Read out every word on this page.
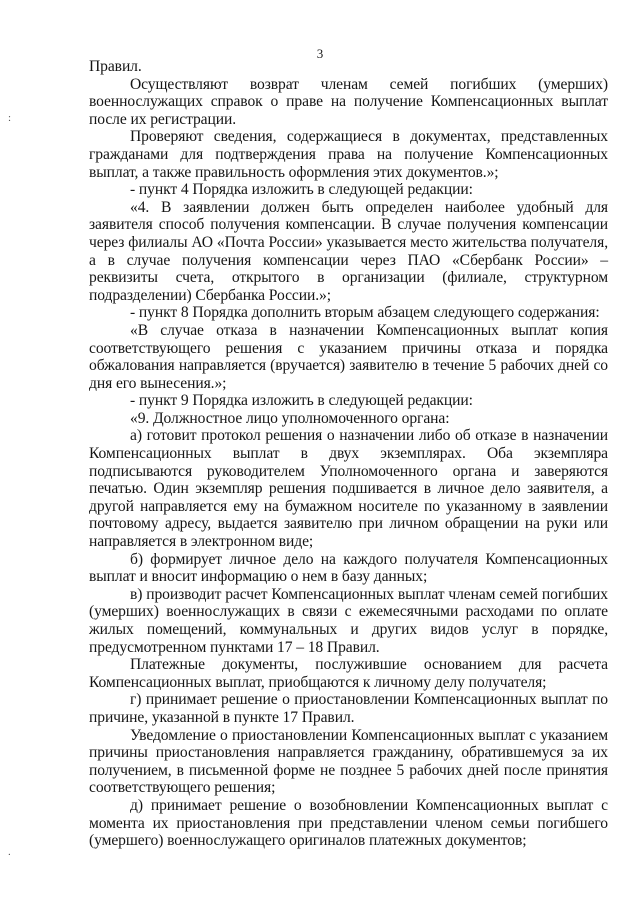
3
:
.

Правил.

Осуществляют возврат членам семей погибших (умерших) военнослужащих справок о праве на получение Компенсационных выплат после их регистрации.

Проверяют сведения, содержащиеся в документах, представленных гражданами для подтверждения права на получение Компенсационных выплат, а также правильность оформления этих документов.»;

- пункт 4 Порядка изложить в следующей редакции:

«4. В заявлении должен быть определен наиболее удобный для заявителя способ получения компенсации. В случае получения компенсации через филиалы АО «Почта России» указывается место жительства получателя, а в случае получения компенсации через ПАО «Сбербанк России» – реквизиты счета, открытого в организации (филиале, структурном подразделении) Сбербанка России.»;

- пункт 8 Порядка дополнить вторым абзацем следующего содержания:

«В случае отказа в назначении Компенсационных выплат копия соответствующего решения с указанием причины отказа и порядка обжалования направляется (вручается) заявителю в течение 5 рабочих дней со дня его вынесения.»;

- пункт 9 Порядка изложить в следующей редакции:

«9. Должностное лицо уполномоченного органа:

а) готовит протокол решения о назначении либо об отказе в назначении Компенсационных выплат в двух экземплярах. Оба экземпляра подписываются руководителем Уполномоченного органа и заверяются печатью. Один экземпляр решения подшивается в личное дело заявителя, а другой направляется ему на бумажном носителе по указанному в заявлении почтовому адресу, выдается заявителю при личном обращении на руки или направляется в электронном виде;

б) формирует личное дело на каждого получателя Компенсационных выплат и вносит информацию о нем в базу данных;

в) производит расчет Компенсационных выплат членам семей погибших (умерших) военнослужащих в связи с ежемесячными расходами по оплате жилых помещений, коммунальных и других видов услуг в порядке, предусмотренном пунктами 17 – 18 Правил.

Платежные документы, послужившие основанием для расчета Компенсационных выплат, приобщаются к личному делу получателя;

г) принимает решение о приостановлении Компенсационных выплат по причине, указанной в пункте 17 Правил.

Уведомление о приостановлении Компенсационных выплат с указанием причины приостановления направляется гражданину, обратившемуся за их получением, в письменной форме не позднее 5 рабочих дней после принятия соответствующего решения;

д) принимает решение о возобновлении Компенсационных выплат с момента их приостановления при представлении членом семьи погибшего (умершего) военнослужащего оригиналов платежных документов;
